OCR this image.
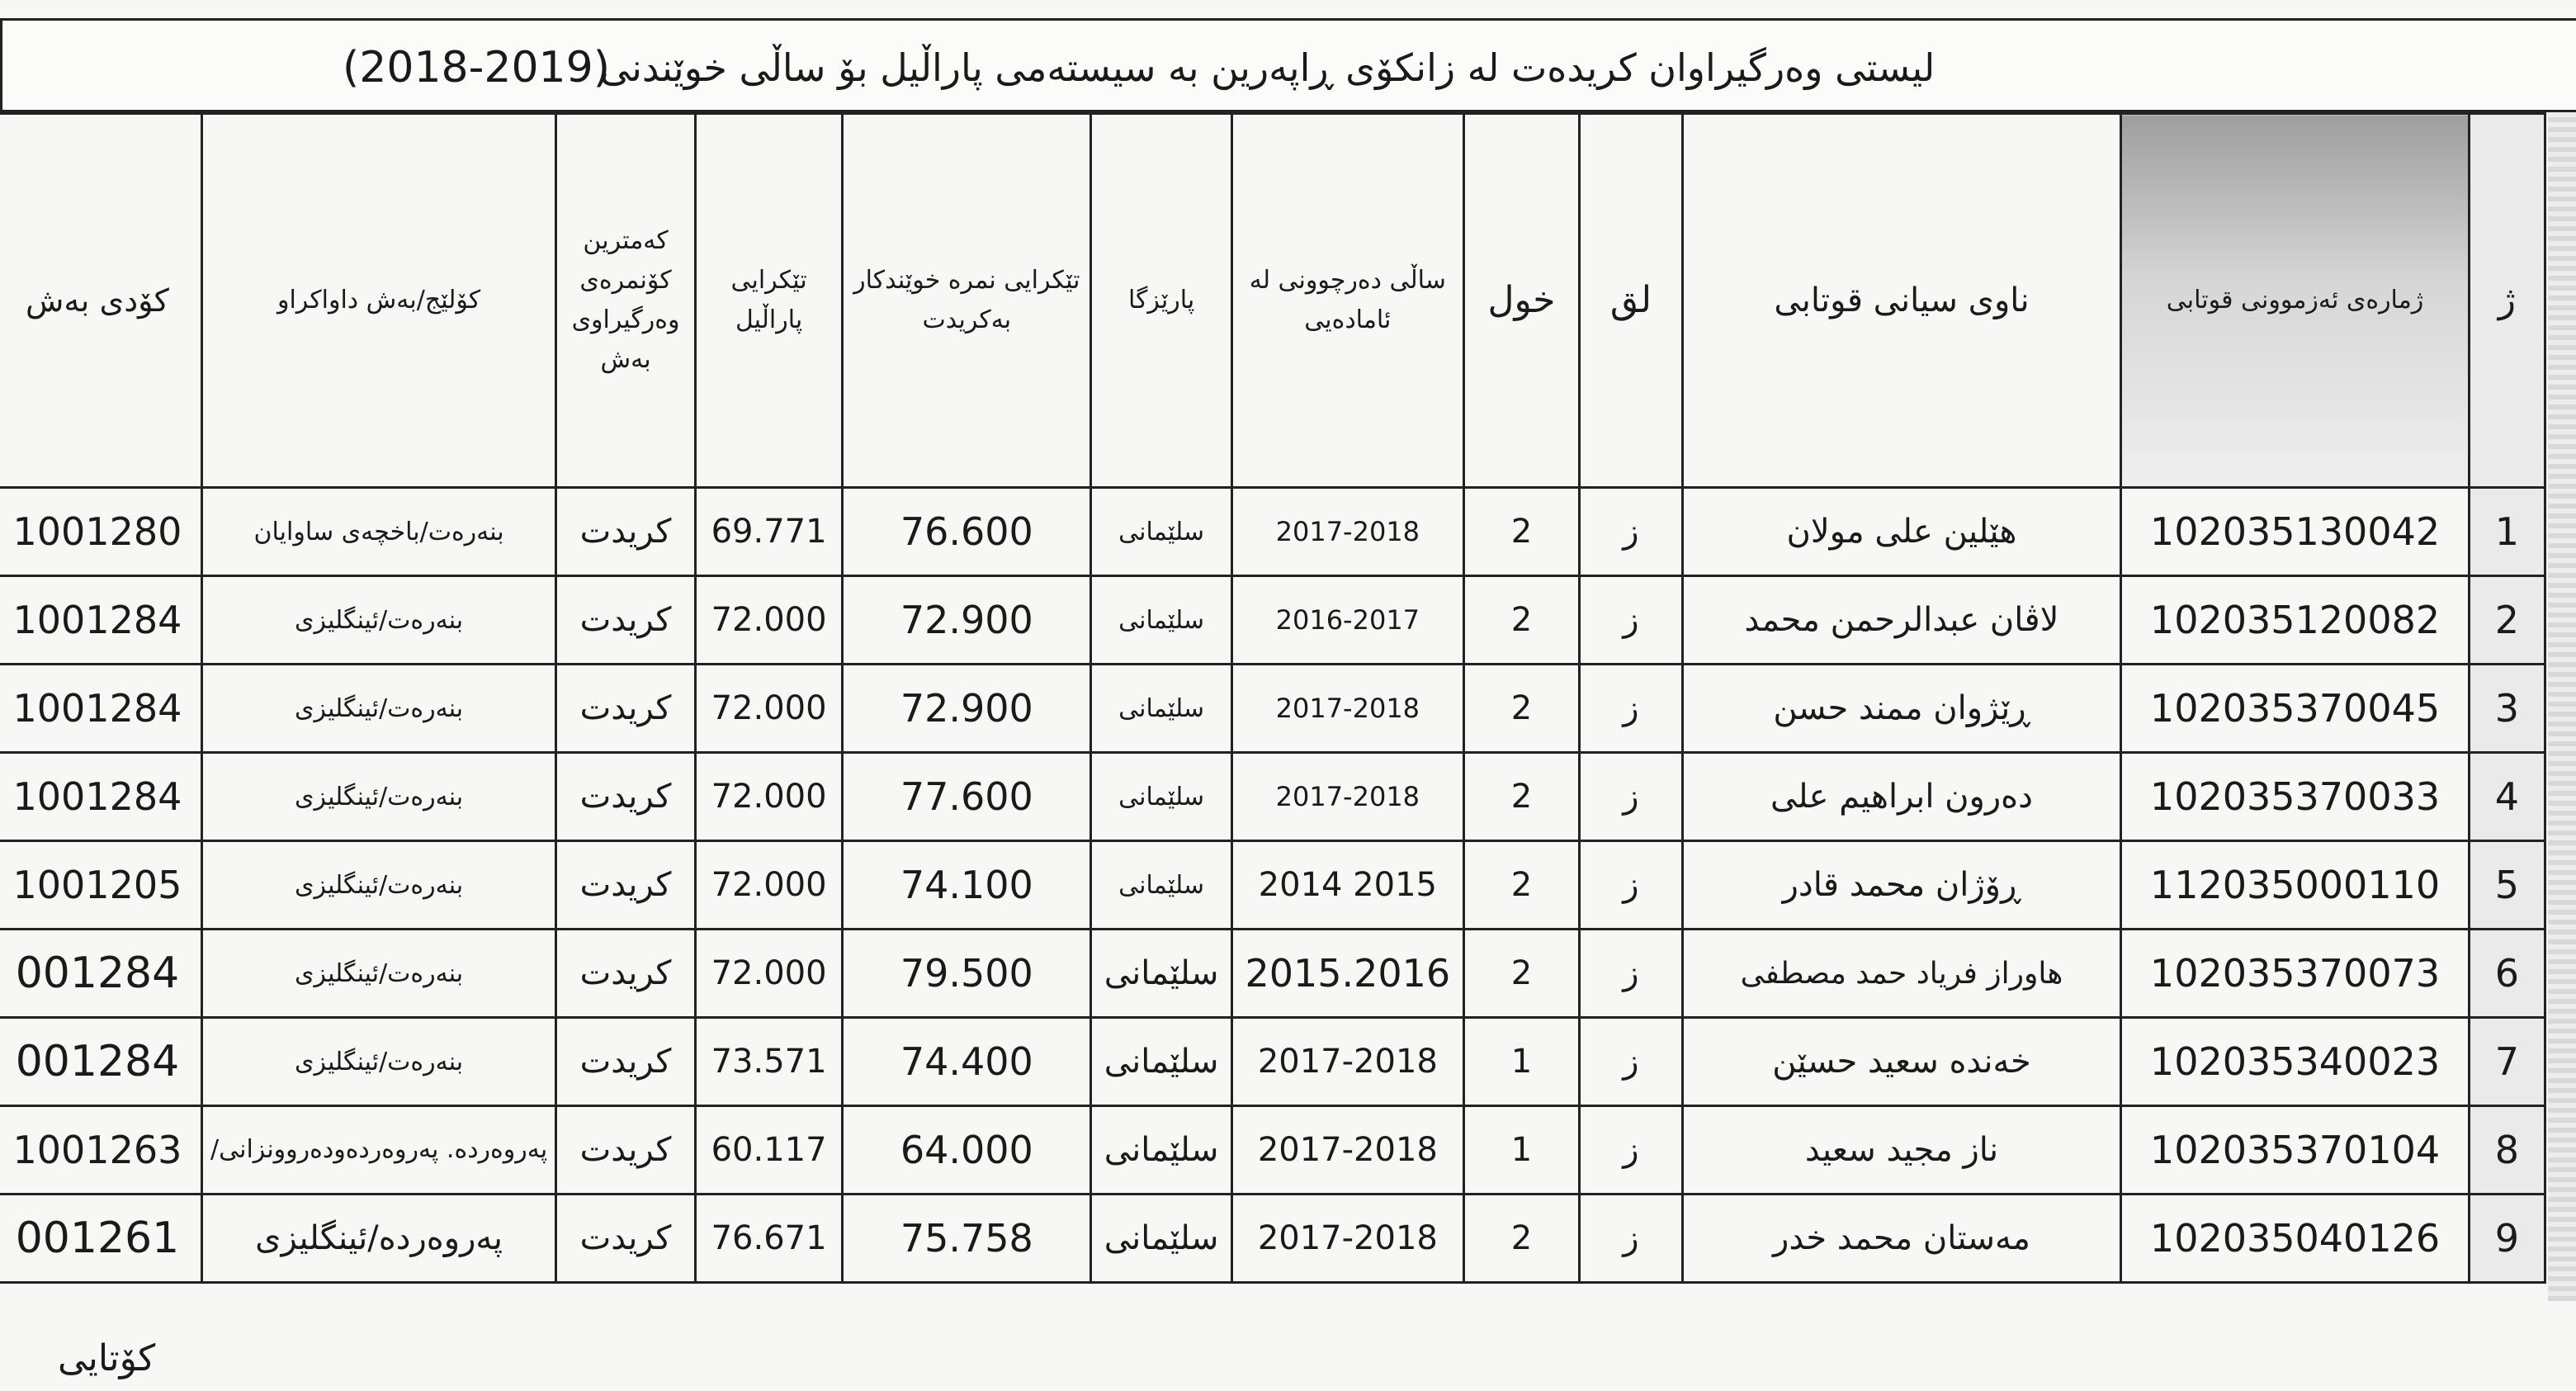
لیستی وەرگیراوان كریدەت لە زانكۆی ڕاپەرین بە سیستەمی پاراڵیل بۆ ساڵی خوێندنی
(2018-2019)
ژ	ژمارەی ئەزموونی قوتابی	ناوی سیانی قوتابی	لق	خول	ساڵی دەرچوونی لە ئامادەیی	پارێزگا	تێكرایی نمرە خوێندكار بەكریدت	تێكرایی پاراڵیل	كەمترین كۆنمرەی وەرگیراوی بەش	كۆلێج/بەش داواكراو	كۆدی بەش
1	102035130042	هێلین علی مولان	ز	2	2017-2018	سلێمانی	76.600	69.771	كریدت	بنەرەت/باخچەی ساوایان	1001280
2	102035120082	لاڤان عبدالرحمن محمد	ز	2	2016-2017	سلێمانی	72.900	72.000	كریدت	بنەرەت/ئینگلیزی	1001284
3	102035370045	ڕێژوان ممند حسن	ز	2	2017-2018	سلێمانی	72.900	72.000	كریدت	بنەرەت/ئینگلیزی	1001284
4	102035370033	دەرون ابراهیم علی	ز	2	2017-2018	سلێمانی	77.600	72.000	كریدت	بنەرەت/ئینگلیزی	1001284
5	112035000110	ڕۆژان محمد قادر	ز	2	2014 2015	سلێمانی	74.100	72.000	كریدت	بنەرەت/ئینگلیزی	1001205
6	102035370073	هاوراز فریاد حمد مصطفی	ز	2	2015.2016	سلێمانی	79.500	72.000	كریدت	بنەرەت/ئینگلیزی	001284
7	102035340023	خەندە سعید حسێن	ز	1	2017-2018	سلێمانی	74.400	73.571	كریدت	بنەرەت/ئینگلیزی	001284
8	102035370104	ناز مجید سعید	ز	1	2017-2018	سلێمانی	64.000	60.117	كریدت	پەروەردە. پەروەردەودەروونزانی/	1001263
9	102035040126	مەستان محمد خدر	ز	2	2017-2018	سلێمانی	75.758	76.671	كریدت	پەروەردە/ئینگلیزی	001261
كۆتایی
